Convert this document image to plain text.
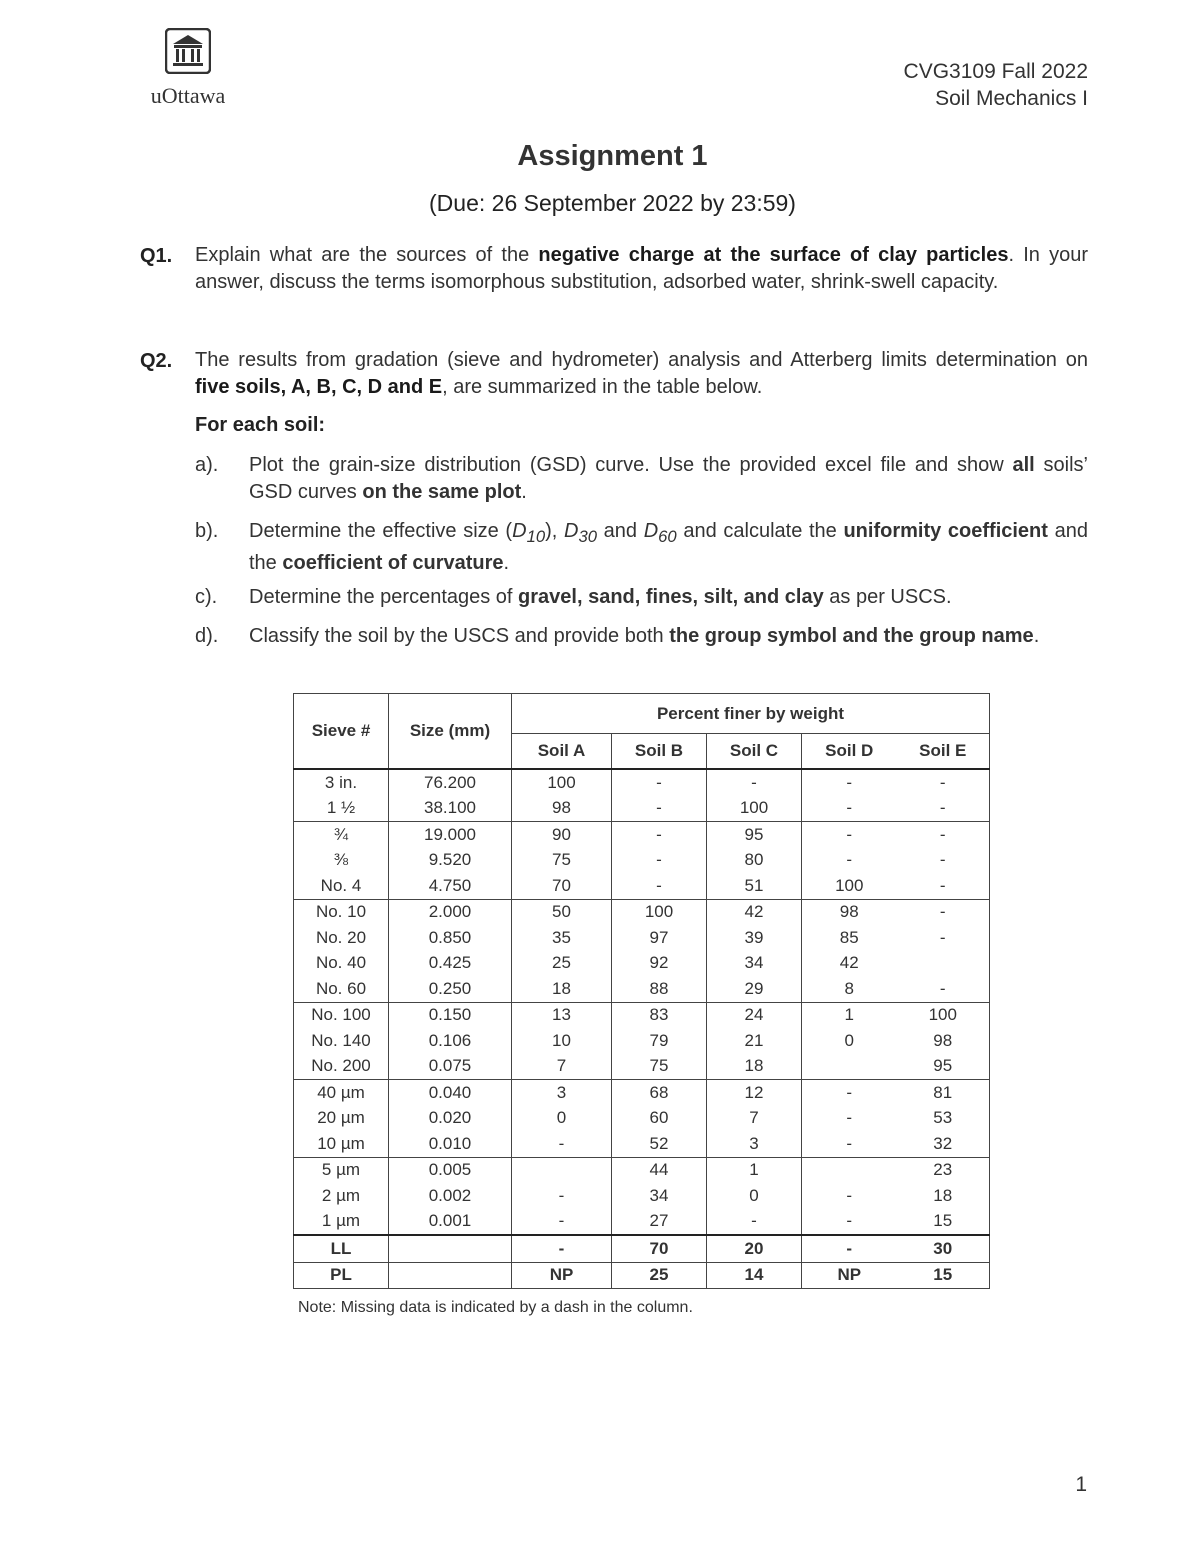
uOttawa
CVG3109 Fall 2022
Soil Mechanics I
Assignment 1
(Due: 26 September 2022 by 23:59)
Q1. Explain what are the sources of the negative charge at the surface of clay particles. In your answer, discuss the terms isomorphous substitution, adsorbed water, shrink-swell capacity.
Q2. The results from gradation (sieve and hydrometer) analysis and Atterberg limits determination on five soils, A, B, C, D and E, are summarized in the table below.
For each soil:
a). Plot the grain-size distribution (GSD) curve. Use the provided excel file and show all soils’ GSD curves on the same plot.
b). Determine the effective size $(D_{10})$, $D_{30}$ and $D_{60}$ and calculate the uniformity coefficient and the coefficient of curvature.
c). Determine the percentages of gravel, sand, fines, silt, and clay as per USCS.
d). Classify the soil by the USCS and provide both the group symbol and the group name.
Sieve #	Size (mm)	Percent finer by weight				
		Soil A	Soil B	Soil C	Soil D	Soil E
3 in.	76.200	100	-	-	-	-
1 ½	38.100	98	-	100	-	-
¾	19.000	90	-	95	-	-
⅜	9.520	75	-	80	-	-
No. 4	4.750	70	-	51	100	-
No. 10	2.000	50	100	42	98	-
No. 20	0.850	35	97	39	85	-
No. 40	0.425	25	92	34	42	
No. 60	0.250	18	88	29	8	-
No. 100	0.150	13	83	24	1	100
No. 140	0.106	10	79	21	0	98
No. 200	0.075	7	75	18		95
40 µm	0.040	3	68	12	-	81
20 µm	0.020	0	60	7	-	53
10 µm	0.010	-	52	3	-	32
5 µm	0.005		44	1		23
2 µm	0.002	-	34	0	-	18
1 µm	0.001	-	27	-	-	15
LL		-	70	20	-	30
PL		NP	25	14	NP	15
Note: Missing data is indicated by a dash in the column.
1
